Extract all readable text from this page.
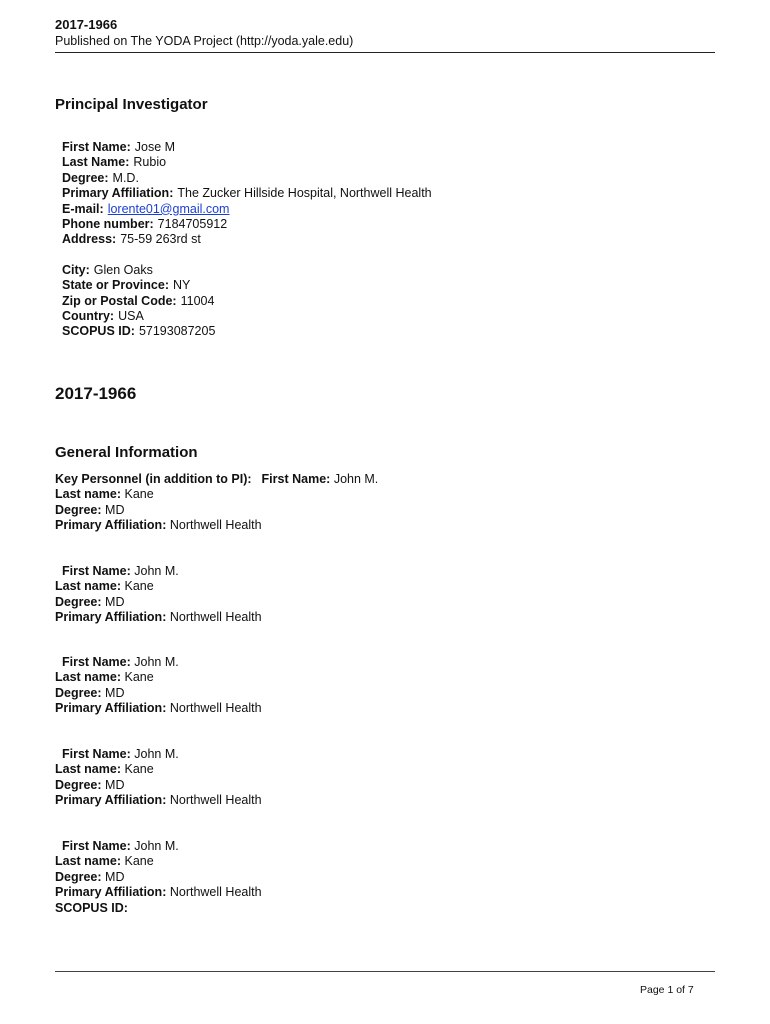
2017-1966
Published on The YODA Project (http://yoda.yale.edu)
Principal Investigator
First Name: Jose M
Last Name: Rubio
Degree: M.D.
Primary Affiliation: The Zucker Hillside Hospital, Northwell Health
E-mail: lorente01@gmail.com
Phone number: 7184705912
Address: 75-59 263rd st
City: Glen Oaks
State or Province: NY
Zip or Postal Code: 11004
Country: USA
SCOPUS ID: 57193087205
2017-1966
General Information
Key Personnel (in addition to PI): First Name: John M.
Last name: Kane
Degree: MD
Primary Affiliation: Northwell Health
First Name: John M.
Last name: Kane
Degree: MD
Primary Affiliation: Northwell Health
First Name: John M.
Last name: Kane
Degree: MD
Primary Affiliation: Northwell Health
First Name: John M.
Last name: Kane
Degree: MD
Primary Affiliation: Northwell Health
First Name: John M.
Last name: Kane
Degree: MD
Primary Affiliation: Northwell Health
SCOPUS ID:
Page 1 of 7
